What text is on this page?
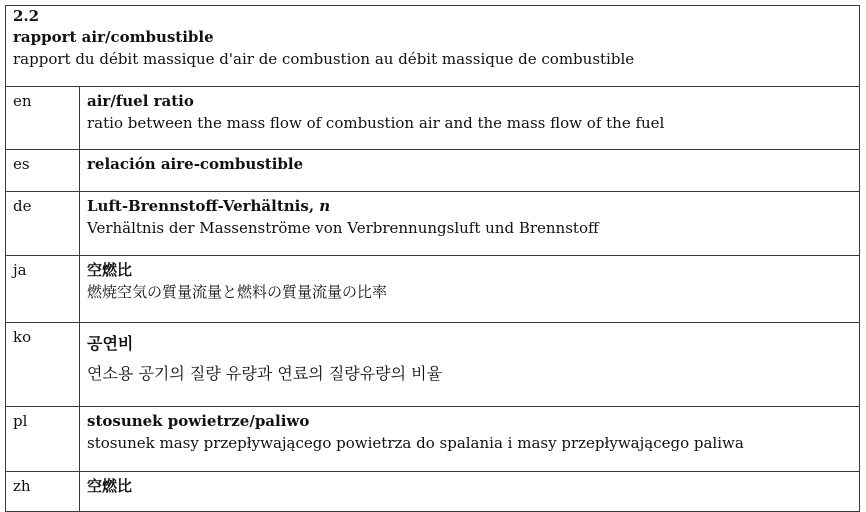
2.2
rapport air/combustible
rapport du débit massique d'air de combustion au débit massique de combustible	

en	air/fuel ratio
ratio between the mass flow of combustion air and the mass flow of the fuel

es	relación aire-combustible

de	Luft-Brennstoff-Verhältnis, n
Verhältnis der Massenströme von Verbrennungsluft und Brennstoff

ja	空燃比
燃焼空気の質量流量と燃料の質量流量の比率

ko	공연비
연소용 공기의 질량 유량과 연료의 질량유량의 비율

pl	stosunek powietrze/paliwo
stosunek masy przepływającego powietrza do spalania i masy przepływającego paliwa

zh	空燃比
